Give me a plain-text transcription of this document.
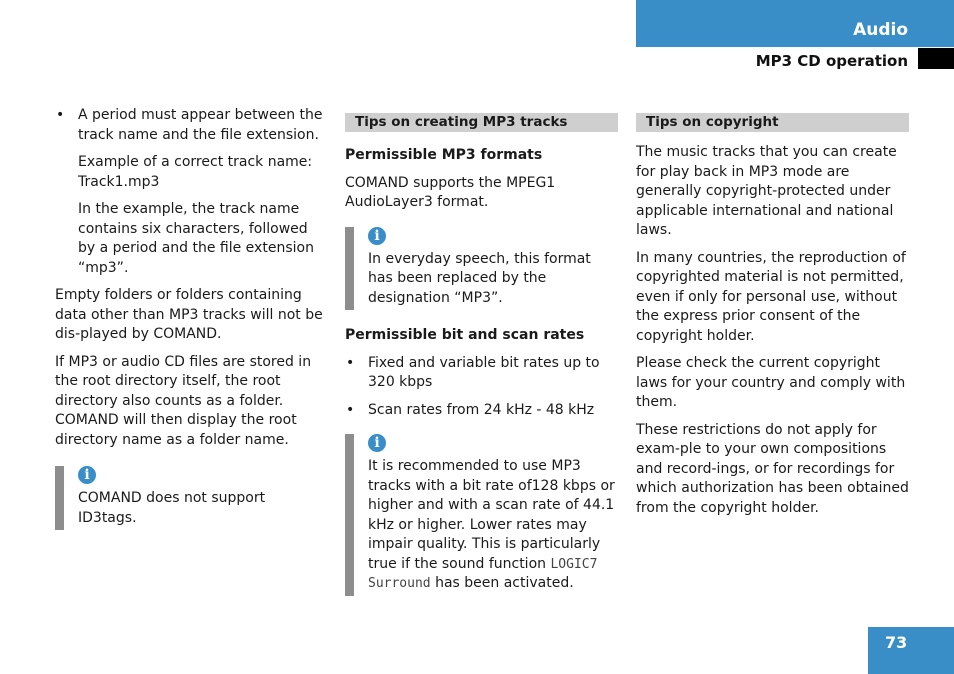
Audio
MP3 CD operation
• A period must appear between the track name and the file extension.
Example of a correct track name:
Track1.mp3

In the example, the track name contains six characters, followed by a period and the file extension “mp3”.

Empty folders or folders containing data other than MP3 tracks will not be dis-played by COMAND.

If MP3 or audio CD files are stored in the root directory itself, the root directory also counts as a folder. COMAND will then display the root directory name as a folder name.

i
COMAND does not support ID3tags.
Tips on creating MP3 tracks
Permissible MP3 formats

COMAND supports the MPEG1 AudioLayer3 format.

i
In everyday speech, this format has been replaced by the designation “MP3”.
Permissible bit and scan rates
• Fixed and variable bit rates up to 320 kbps
• Scan rates from 24 kHz - 48 kHz
i
It is recommended to use MP3 tracks with a bit rate of128 kbps or higher and with a scan rate of 44.1 kHz or higher. Lower rates may impair quality. This is particularly true if the sound function LOGIC7 Surround has been activated.
Tips on copyright

The music tracks that you can create for play back in MP3 mode are generally copyright-protected under applicable international and national laws.

In many countries, the reproduction of copyrighted material is not permitted, even if only for personal use, without the express prior consent of the copyright holder.

Please check the current copyright laws for your country and comply with them.

These restrictions do not apply for exam-ple to your own compositions and record-ings, or for recordings for which authorization has been obtained from the copyright holder.

73
